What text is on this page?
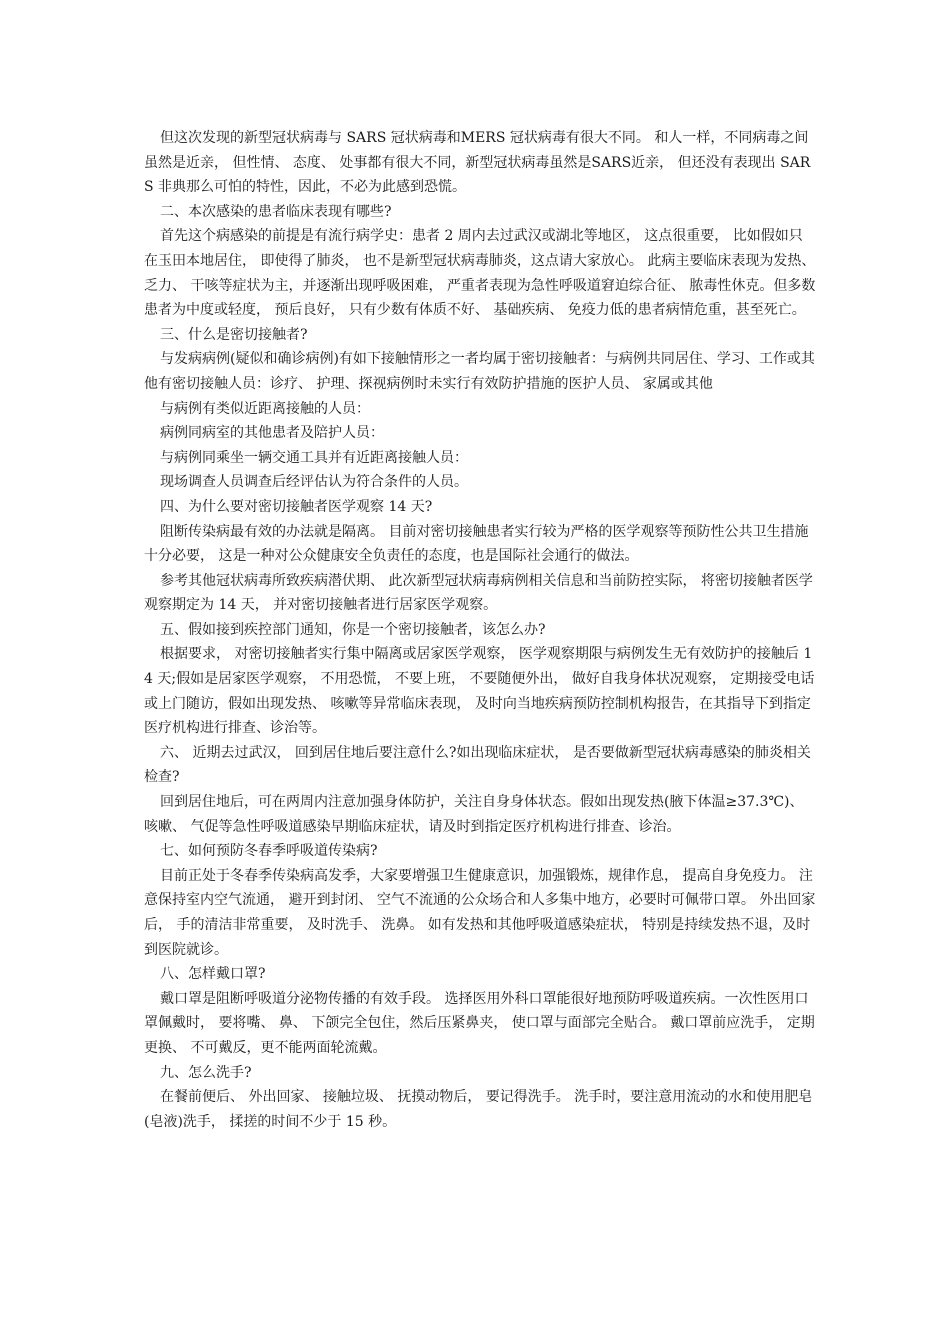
但这次发现的新型冠状病毒与 SARS 冠状病毒和MERS 冠状病毒有很大不同。 和人一样，不同病毒之间虽然是近亲， 但性情、 态度、 处事都有很大不同，新型冠状病毒虽然是SARS近亲， 但还没有表现出 SARS 非典那么可怕的特性，因此，不必为此感到恐慌。

二、本次感染的患者临床表现有哪些?

首先这个病感染的前提是有流行病学史：患者 2 周内去过武汉或湖北等地区， 这点很重要， 比如假如只在玉田本地居住， 即使得了肺炎， 也不是新型冠状病毒肺炎，这点请大家放心。 此病主要临床表现为发热、 乏力、 干咳等症状为主，并逐渐出现呼吸困难， 严重者表现为急性呼吸道窘迫综合征、 脓毒性休克。但多数患者为中度或轻度， 预后良好， 只有少数有体质不好、 基础疾病、 免疫力低的患者病情危重，甚至死亡。

三、什么是密切接触者?

与发病病例(疑似和确诊病例)有如下接触情形之一者均属于密切接触者：与病例共同居住、学习、工作或其他有密切接触人员：诊疗、 护理、探视病例时未实行有效防护措施的医护人员、 家属或其他

与病例有类似近距离接触的人员：

病例同病室的其他患者及陪护人员：

与病例同乘坐一辆交通工具并有近距离接触人员：

现场调查人员调查后经评估认为符合条件的人员。

四、为什么要对密切接触者医学观察 14 天?

阻断传染病最有效的办法就是隔离。 目前对密切接触患者实行较为严格的医学观察等预防性公共卫生措施十分必要， 这是一种对公众健康安全负责任的态度，也是国际社会通行的做法。

参考其他冠状病毒所致疾病潜伏期、 此次新型冠状病毒病例相关信息和当前防控实际， 将密切接触者医学观察期定为 14 天， 并对密切接触者进行居家医学观察。

五、假如接到疾控部门通知，你是一个密切接触者，该怎么办?

根据要求， 对密切接触者实行集中隔离或居家医学观察， 医学观察期限与病例发生无有效防护的接触后 14 天;假如是居家医学观察， 不用恐慌， 不要上班， 不要随便外出， 做好自我身体状况观察， 定期接受电话或上门随访，假如出现发热、 咳嗽等异常临床表现， 及时向当地疾病预防控制机构报告，在其指导下到指定医疗机构进行排查、诊治等。

六、 近期去过武汉， 回到居住地后要注意什么?如出现临床症状， 是否要做新型冠状病毒感染的肺炎相关检查?

回到居住地后，可在两周内注意加强身体防护，关注自身身体状态。假如出现发热(腋下体温≥37.3℃)、 咳嗽、 气促等急性呼吸道感染早期临床症状，请及时到指定医疗机构进行排查、诊治。

七、如何预防冬春季呼吸道传染病?

目前正处于冬春季传染病高发季，大家要增强卫生健康意识，加强锻炼，规律作息， 提高自身免疫力。 注意保持室内空气流通， 避开到封闭、 空气不流通的公众场合和人多集中地方，必要时可佩带口罩。 外出回家后， 手的清洁非常重要， 及时洗手、 洗鼻。 如有发热和其他呼吸道感染症状， 特别是持续发热不退，及时到医院就诊。

八、怎样戴口罩?

戴口罩是阻断呼吸道分泌物传播的有效手段。 选择医用外科口罩能很好地预防呼吸道疾病。一次性医用口罩佩戴时， 要将嘴、 鼻、 下颌完全包住，然后压紧鼻夹， 使口罩与面部完全贴合。 戴口罩前应洗手， 定期更换、 不可戴反，更不能两面轮流戴。

九、怎么洗手?

在餐前便后、 外出回家、 接触垃圾、 抚摸动物后， 要记得洗手。 洗手时，要注意用流动的水和使用肥皂(皂液)洗手， 揉搓的时间不少于 15 秒。
